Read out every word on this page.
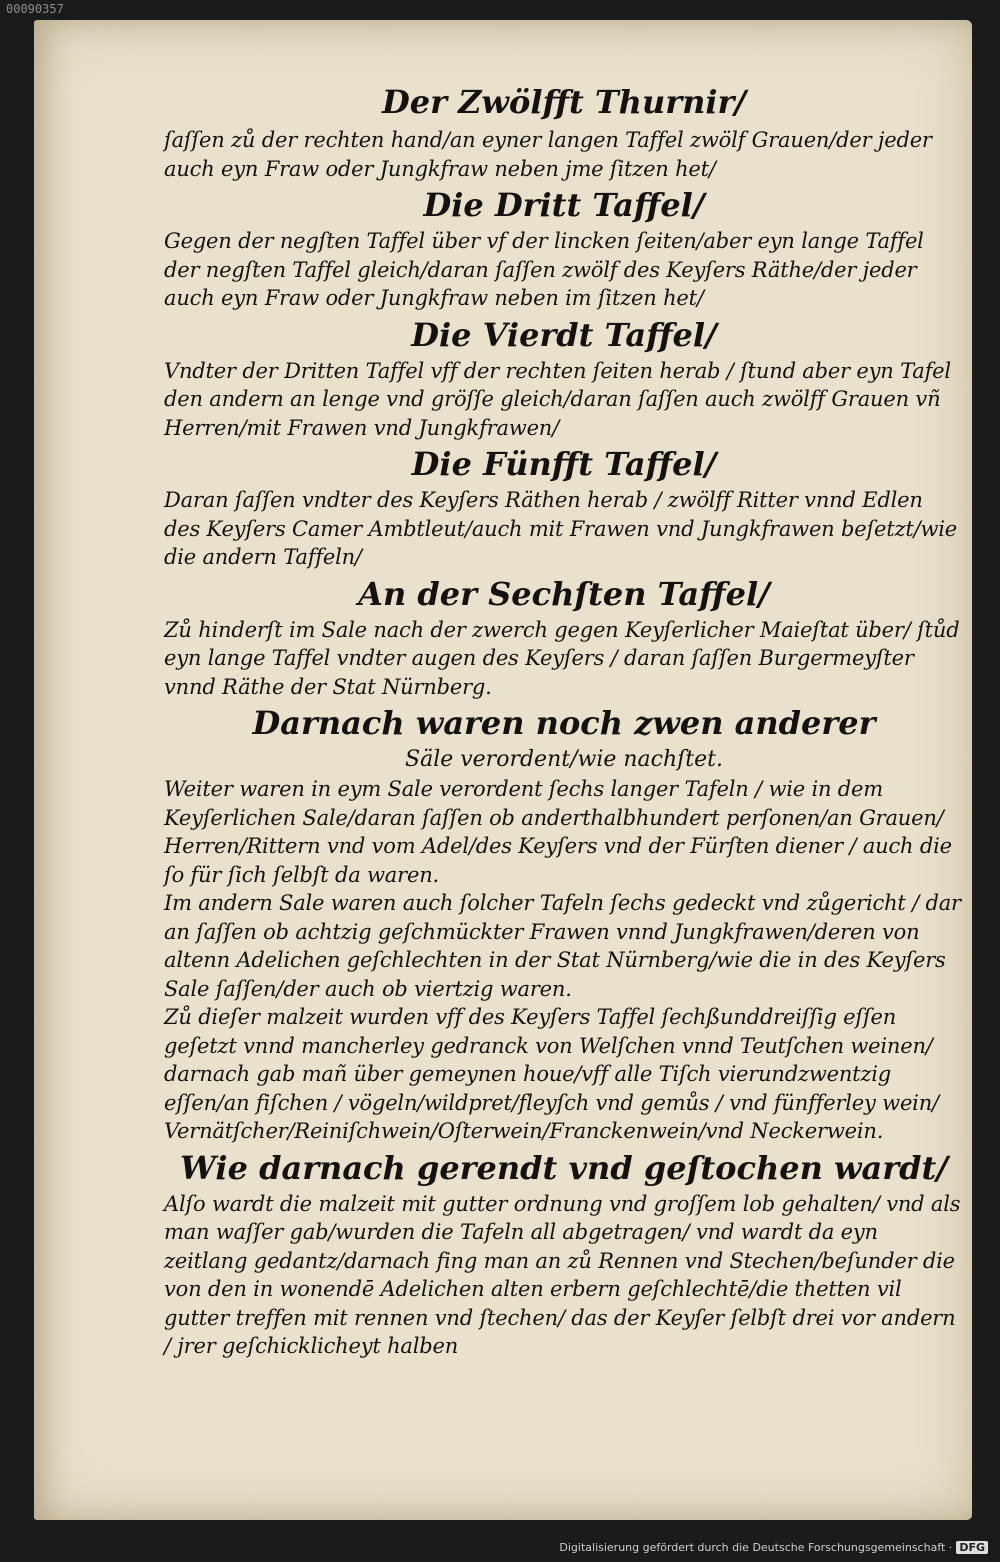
00090357

Der Zwölfft Thurnir/

ſaſſen zů der rechten hand/an eyner langen Taffel zwölf Grauen/der jeder auch eyn Fraw oder Jungkfraw neben jme ſitzen het/

Die Dritt Taffel/

Gegen der negſten Taffel über vf der lincken ſeiten/aber eyn lange Taffel der negſten Taffel gleich/daran ſaſſen zwölf des Keyſers Räthe/der jeder auch eyn Fraw oder Jungkfraw neben im ſitzen het/

Die Vierdt Taffel/

Vndter der Dritten Taffel vff der rechten ſeiten herab / ſtund aber eyn Tafel den andern an lenge vnd gröſſe gleich/daran ſaſſen auch zwölff Grauen vñ Herren/mit Frawen vnd Jungkfrawen/

Die Fünfft Taffel/

Daran ſaſſen vndter des Keyſers Räthen herab / zwölff Ritter vnnd Edlen des Keyſers Camer Ambtleut/auch mit Frawen vnd Jungkfrawen beſetzt/wie die andern Taffeln/

An der Sechſten Taffel/

Zů hinderſt im Sale nach der zwerch gegen Keyſerlicher Maieſtat über/ ſtůd eyn lange Taffel vndter augen des Keyſers / daran ſaſſen Burgermeyſter vnnd Räthe der Stat Nürnberg.

Darnach waren noch zwen anderer

Säle verordent/wie nachſtet.

Weiter waren in eym Sale verordent ſechs langer Tafeln / wie in dem Keyſerlichen Sale/daran ſaſſen ob anderthalbhundert perſonen/an Grauen/ Herren/Rittern vnd vom Adel/des Keyſers vnd der Fürſten diener / auch die ſo für ſich ſelbſt da waren.

Im andern Sale waren auch ſolcher Tafeln ſechs gedeckt vnd zůgericht / dar an ſaſſen ob achtzig geſchmückter Frawen vnnd Jungkfrawen/deren von altenn Adelichen geſchlechten in der Stat Nürnberg/wie die in des Keyſers Sale ſaſſen/der auch ob viertzig waren.

Zů dieſer malzeit wurden vff des Keyſers Taffel ſechßunddreiſſig eſſen geſetzt vnnd mancherley gedranck von Welſchen vnnd Teutſchen weinen/ darnach gab mañ über gemeynen houe/vff alle Tiſch vierundzwentzig eſſen/an fiſchen / vögeln/wildpret/fleyſch vnd gemůs / vnd fünfferley wein/ Vernätſcher/Reiniſchwein/Oſterwein/Franckenwein/vnd Neckerwein.

Wie darnach gerendt vnd geſtochen wardt/

Alſo wardt die malzeit mit gutter ordnung vnd groſſem lob gehalten/ vnd als man waſſer gab/wurden die Tafeln all abgetragen/ vnd wardt da eyn zeitlang gedantz/darnach fing man an zů Rennen vnd Stechen/beſunder die von den in wonendē Adelichen alten erbern geſchlechtē/die thetten vil gutter treffen mit rennen vnd ſtechen/ das der Keyſer ſelbſt drei vor andern / jrer geſchicklicheyt halben

Digitalisierung gefördert durch die Deutsche Forschungsgemeinschaft · DFG
